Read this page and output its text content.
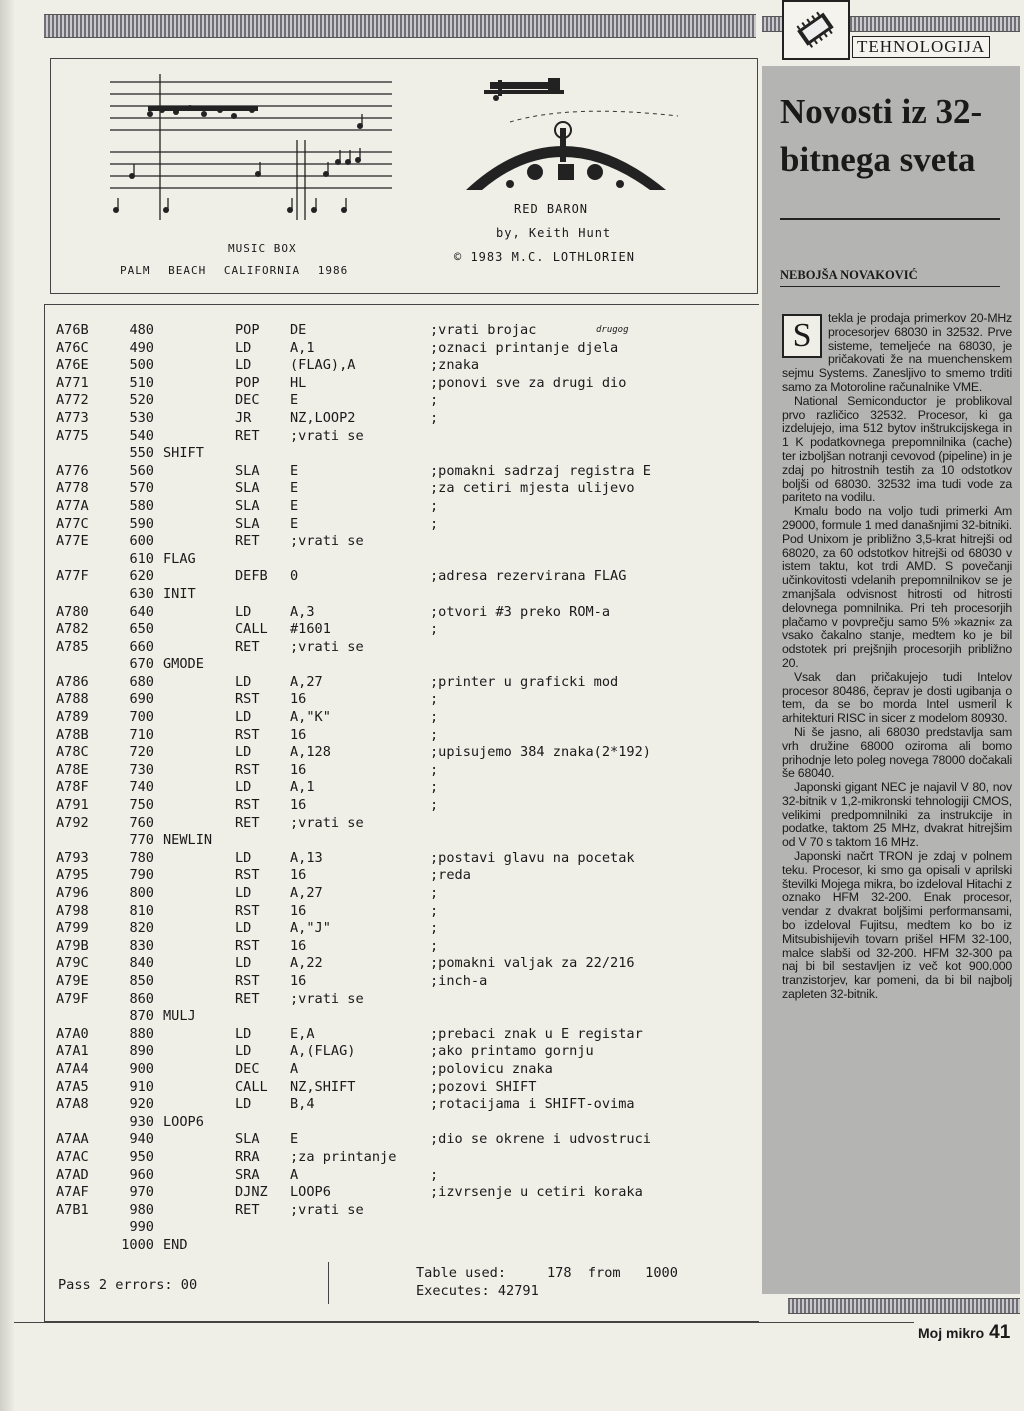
TEHNOLOGIJA
MUSIC BOX
PALM BEACH CALIFORNIA 1986
RED BARON
by, Keith Hunt
© 1983 M.C. LOTHLORIEN
A76B	480	POP DE	;vrati brojac
A76C	490	LD	A,1	;oznaci printanje djela
A76E	500	LD	(FLAG),A	;znaka
A771	510	POP HL	;ponovi sve za drugi dio
A772	520	DEC E	;
A773	530	JR	NZ,LOOP2	;
A775	540	RET ;vrati se
550 SHIFT
A776	560	SLA E	;pomakni sadrzaj registra E
A778	570	SLA E	;za cetiri mjesta ulijevo
A77A	580	SLA E	;
A77C	590	SLA E	;
A77E	600	RET ;vrati se
610 FLAG
A77F	620	DEFB 0	;adresa rezervirana FLAG
630 INIT
A780	640	LD	A,3	;otvori #3 preko ROM-a
A782	650	CALL #1601	;
A785	660	RET ;vrati se
670 GMODE
A786	680	LD	A,27	;printer u graficki mod
A788	690	RST 16	;
A789	700	LD	A,"K"	;
A78B	710	RST 16	;
A78C	720	LD	A,128	;upisujemo 384 znaka(2*192)
A78E	730	RST 16	;
A78F	740	LD	A,1	;
A791	750	RST 16	;
A792	760	RET ;vrati se
770 NEWLIN
A793	780	LD	A,13	;postavi glavu na pocetak
A795	790	RST 16	;reda
A796	800	LD	A,27	;
A798	810	RST 16	;
A799	820	LD	A,"J"	;
A79B	830	RST 16	;
A79C	840	LD	A,22	;pomakni valjak za 22/216
A79E	850	RST 16	;inch-a
A79F	860	RET ;vrati se
870 MULJ
A7A0	880	LD	E,A	;prebaci znak u E registar
A7A1	890	LD	A,(FLAG)	;ako printamo gornju
A7A4	900	DEC A	;polovicu znaka
A7A5	910	CALL NZ,SHIFT	;pozovi SHIFT
A7A8	920	LD	B,4	;rotacijama i SHIFT-ovima
930 LOOP6
A7AA	940	SLA E	;dio se okrene i udvostruci
A7AC	950	RRA ;za printanje
A7AD	960	SRA A	;
A7AF	970	DJNZ LOOP6	;izvrsenje u cetiri koraka
A7B1	980	RET ;vrati se
990
1000 END
drugog
Pass 2 errors: 00
Table used:     178  from   1000
Executes: 42791
Novosti iz 32-bitnega sveta
NEBOJŠA NOVAKOVIĆ

S	tekla je prodaja primerkov 20-MHz procesorjev 68030 in 32532. Prve sisteme, temeljeće na 68030, je pričakovati že na muenchenskem sejmu Systems. Zanesljivo to smemo trditi samo za Motoroline računalnike VME.

National Semiconductor je problikoval prvo različico 32532. Procesor, ki ga izdelujejo, ima 512 bytov inštrukcijskega in 1 K podatkovnega prepomnilnika (cache) ter izboljšan notranji cevovod (pipeline) in je zdaj po hitrostnih testih za 10 odstotkov boljši od 68030. 32532 ima tudi vode za pariteto na vodilu.

Kmalu bodo na voljo tudi primerki Am 29000, formule 1 med današnjimi 32-bitniki. Pod Unixom je približno 3,5-krat hitrejši od 68020, za 60 odstotkov hitrejši od 68030 v istem taktu, kot trdi AMD. S povečanji učinkovitosti vdelanih prepomnilnikov se je zmanjšala odvisnost hitrosti od hitrosti delovnega pomnilnika. Pri teh procesorjih plačamo v povprečju samo 5% »kazni« za vsako čakalno stanje, medtem ko je bil odstotek pri prejšnjih procesorjih približno 20.

Vsak dan pričakujejo tudi Intelov procesor 80486, čeprav je dosti ugibanja o tem, da se bo morda Intel usmeril k arhitekturi RISC in sicer z modelom 80930.

Ni še jasno, ali 68030 predstavlja sam vrh družine 68000 oziroma ali bomo prihodnje leto poleg novega 78000 dočakali še 68040.

Japonski gigant NEC je najavil V 80, nov 32-bitnik v 1,2-mikronski tehnologiji CMOS, velikimi predpomnilniki za instrukcije in podatke, taktom 25 MHz, dvakrat hitrejšim od V 70 s taktom 16 MHz.

Japonski načrt TRON je zdaj v polnem teku. Procesor, ki smo ga opisali v aprilski številki Mojega mikra, bo izdeloval Hitachi z oznako HFM 32-200. Enak procesor, vendar z dvakrat boljšimi performansami, bo izdeloval Fujitsu, medtem ko bo iz Mitsubishijevih tovarn prišel HFM 32-100, malce slabši od 32-200. HFM 32-300 pa naj bi bil sestavljen iz več kot 900.000 tranzistorjev, kar pomeni, da bi bil najbolj zapleten 32-bitnik.

Moj mikro 41
